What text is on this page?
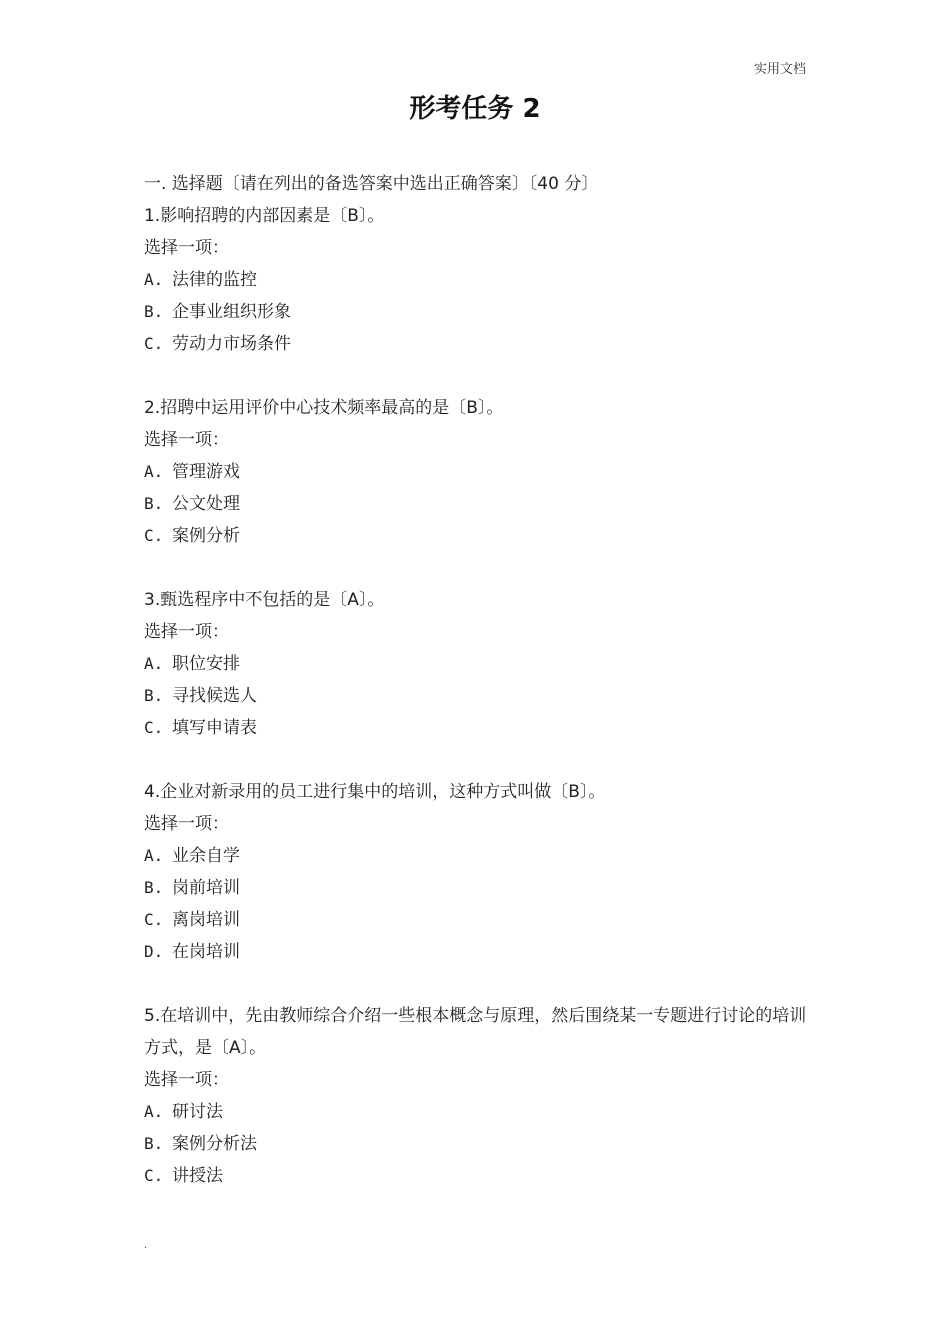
实用文档
形考任务 2
一. 选择题〔请在列出的备选答案中选出正确答案〕〔40 分〕
1.影响招聘的内部因素是〔B〕。
选择一项：
A. 法律的监控
B. 企事业组织形象
C. 劳动力市场条件
2.招聘中运用评价中心技术频率最高的是〔B〕。
选择一项：
A. 管理游戏
B. 公文处理
C. 案例分析
3.甄选程序中不包括的是〔A〕。
选择一项：
A. 职位安排
B. 寻找候选人
C. 填写申请表
4.企业对新录用的员工进行集中的培训，这种方式叫做〔B〕。
选择一项：
A. 业余自学
B. 岗前培训
C. 离岗培训
D. 在岗培训
5.在培训中，先由教师综合介绍一些根本概念与原理，然后围绕某一专题进行讨论的培训方式，是〔A〕。
选择一项：
A. 研讨法
B. 案例分析法
C. 讲授法
.
